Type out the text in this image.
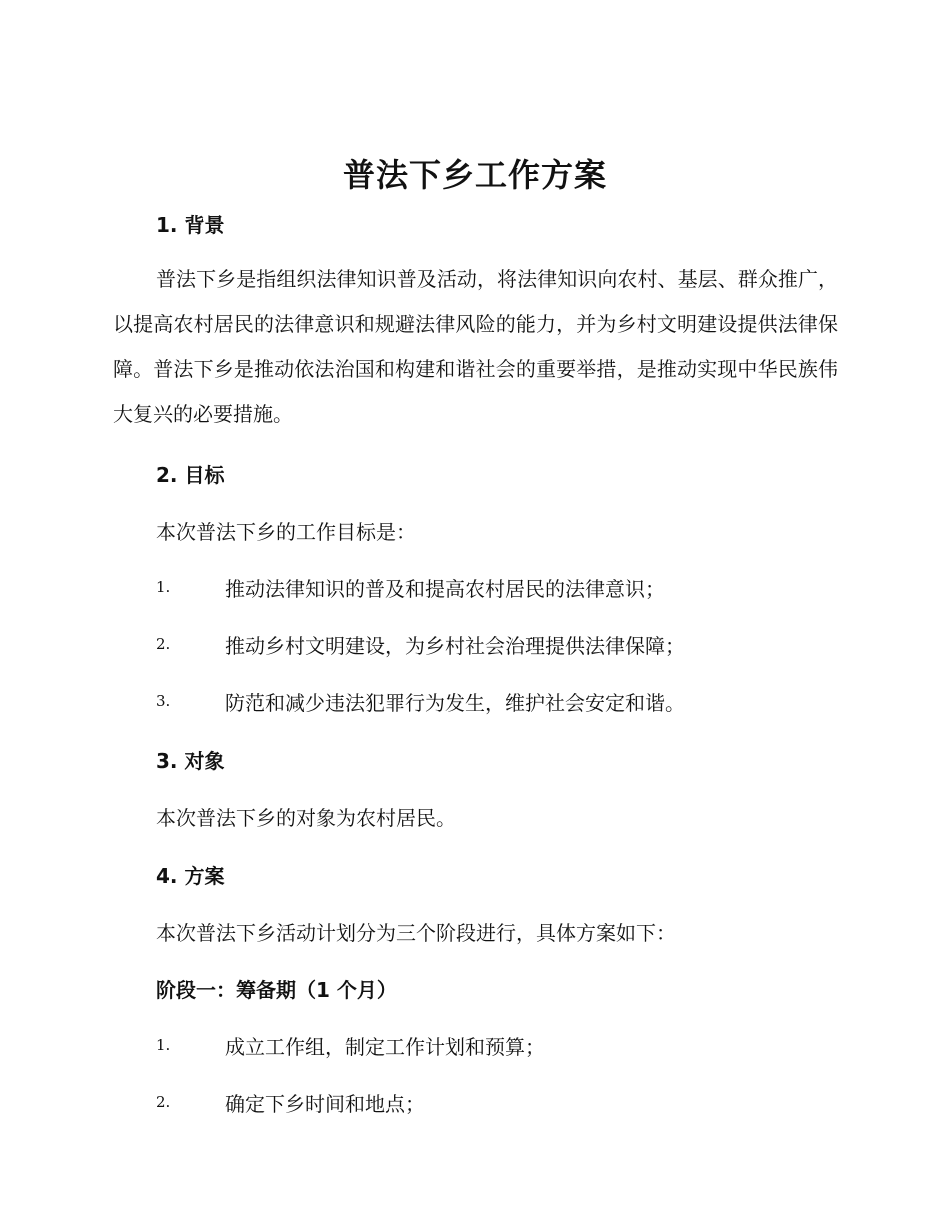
普法下乡工作方案
1. 背景
普法下乡是指组织法律知识普及活动，将法律知识向农村、基层、群众推广，以提高农村居民的法律意识和规避法律风险的能力，并为乡村文明建设提供法律保障。普法下乡是推动依法治国和构建和谐社会的重要举措，是推动实现中华民族伟大复兴的必要措施。
2. 目标
本次普法下乡的工作目标是：
1.	推动法律知识的普及和提高农村居民的法律意识；
2.	推动乡村文明建设，为乡村社会治理提供法律保障；
3.	防范和减少违法犯罪行为发生，维护社会安定和谐。
3. 对象
本次普法下乡的对象为农村居民。
4. 方案
本次普法下乡活动计划分为三个阶段进行，具体方案如下：
阶段一：筹备期（1 个月）
1.	成立工作组，制定工作计划和预算；
2.	确定下乡时间和地点；
